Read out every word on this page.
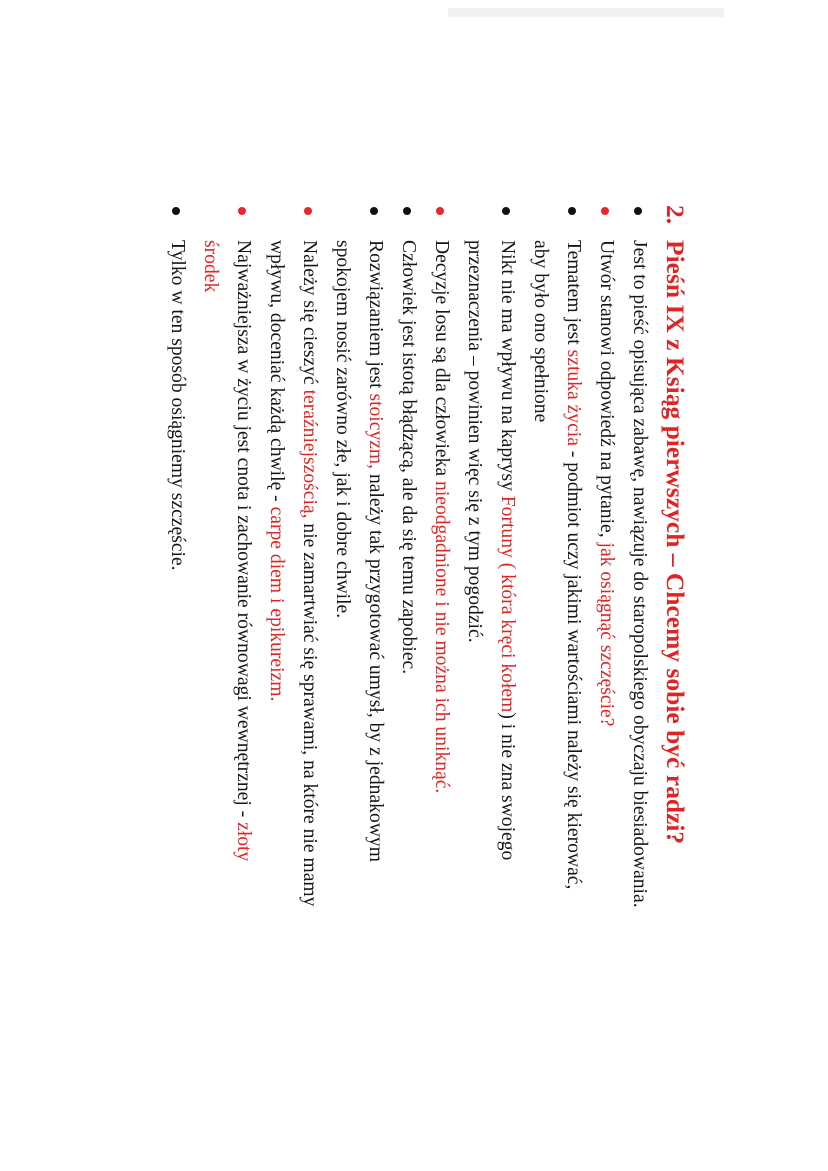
2.Pieśń IX z Ksiąg pierwszych – Chcemy sobie być radzi?
Jest to pieść opisująca zabawę, nawiązuje do staropolskiego obyczaju biesiadowania.
Utwór stanowi odpowiedź na pytanie, jak osiągnąć szczęście?
Tematem jest sztuka życia - podmiot uczy jakimi wartościami należy się kierować,
aby było ono spełnione
Nikt nie ma wpływu na kaprysy Fortuny ( która kręci kołem) i nie zna swojego
przeznaczenia – powinien więc się z tym pogodzić.
Decyzje losu są dla człowieka nieodgadnione i nie można ich uniknąć.
Człowiek jest istotą błądzącą, ale da się temu zapobiec.
Rozwiązaniem jest stoicyzm, należy tak przygotować umysł, by z jednakowym
spokojem nosić zarówno złe, jak i dobre chwile.
Należy się cieszyć teraźniejszością, nie zamartwiać się sprawami, na które nie mamy
wpływu, doceniać każdą chwilę - carpe diem i epikureizm.
Najważniejsza w życiu jest cnota i zachowanie równowagi wewnętrznej - złoty
środek
Tylko w ten sposób osiągniemy szczęście.
